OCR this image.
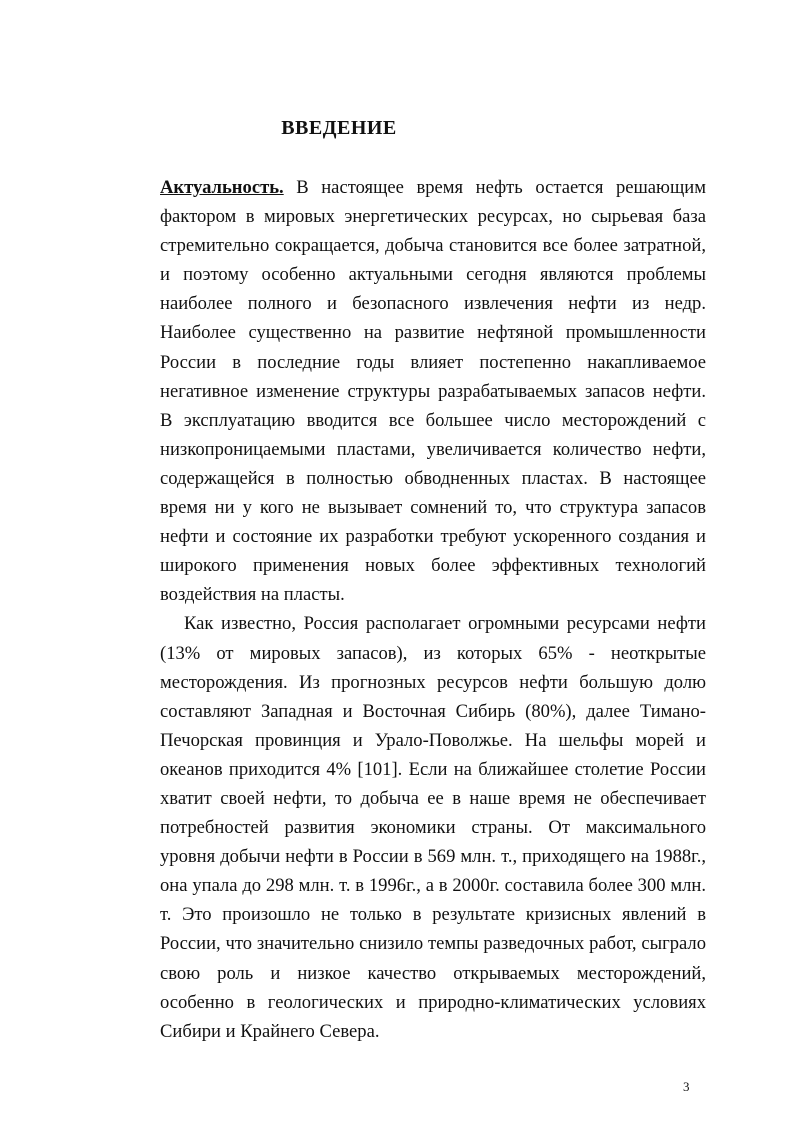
ВВЕДЕНИЕ

Актуальность. В настоящее время нефть остается решающим фактором в мировых энергетических ресурсах, но сырьевая база стремительно сокращается, добыча становится все более затратной, и поэтому особенно актуальными сегодня являются проблемы наиболее полного и безопасного извлечения нефти из недр. Наиболее существенно на развитие нефтяной промышленности России в последние годы влияет постепенно накапливаемое негативное изменение структуры разрабатываемых запасов нефти. В эксплуатацию вводится все большее число месторождений с низкопроницаемыми пластами, увеличивается количество нефти, содержащейся в полностью обводненных пластах. В настоящее время ни у кого не вызывает сомнений то, что структура запасов нефти и состояние их разработки требуют ускоренного создания и широкого применения новых более эффективных технологий воздействия на пласты.

Как известно, Россия располагает огромными ресурсами нефти (13% от мировых запасов), из которых 65% - неоткрытые месторождения. Из прогнозных ресурсов нефти большую долю составляют Западная и Восточная Сибирь (80%), далее Тимано-Печорская провинция и Урало-Поволжье. На шельфы морей и океанов приходится 4% [101]. Если на ближайшее столетие России хватит своей нефти, то добыча ее в наше время не обеспечивает потребностей развития экономики страны. От максимального уровня добычи нефти в России в 569 млн. т., приходящего на 1988г., она упала до 298 млн. т. в 1996г., а в 2000г. составила более 300 млн. т. Это произошло не только в результате кризисных явлений в России, что значительно снизило темпы разведочных работ, сыграло свою роль и низкое качество открываемых месторождений, особенно в геологических и природно-климатических условиях Сибири и Крайнего Севера.

3
